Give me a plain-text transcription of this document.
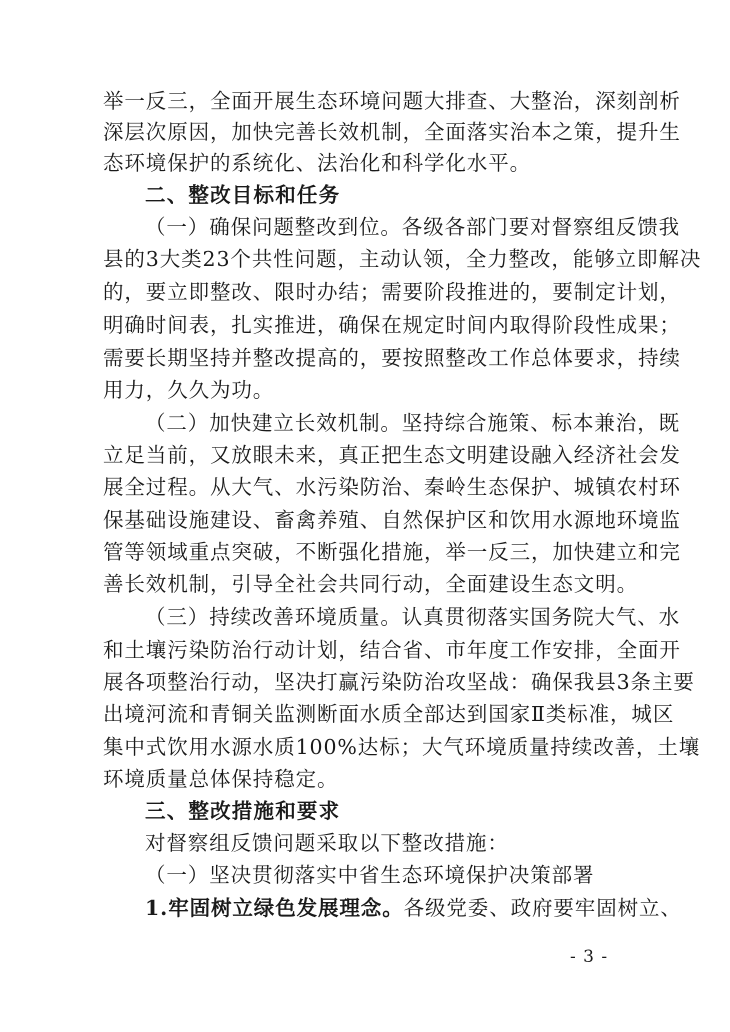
举一反三，全面开展生态环境问题大排查、大整治，深刻剖析
深层次原因，加快完善长效机制，全面落实治本之策，提升生
态环境保护的系统化、法治化和科学化水平。
二、整改目标和任务
（一）确保问题整改到位。各级各部门要对督察组反馈我
县的3大类23个共性问题，主动认领，全力整改，能够立即解决
的，要立即整改、限时办结；需要阶段推进的，要制定计划，
明确时间表，扎实推进，确保在规定时间内取得阶段性成果；
需要长期坚持并整改提高的，要按照整改工作总体要求，持续
用力，久久为功。
（二）加快建立长效机制。坚持综合施策、标本兼治，既
立足当前，又放眼未来，真正把生态文明建设融入经济社会发
展全过程。从大气、水污染防治、秦岭生态保护、城镇农村环
保基础设施建设、畜禽养殖、自然保护区和饮用水源地环境监
管等领域重点突破，不断强化措施，举一反三，加快建立和完
善长效机制，引导全社会共同行动，全面建设生态文明。
（三）持续改善环境质量。认真贯彻落实国务院大气、水
和土壤污染防治行动计划，结合省、市年度工作安排，全面开
展各项整治行动，坚决打赢污染防治攻坚战：确保我县3条主要
出境河流和青铜关监测断面水质全部达到国家Ⅱ类标准，城区
集中式饮用水源水质100%达标；大气环境质量持续改善，土壤
环境质量总体保持稳定。
三、整改措施和要求
对督察组反馈问题采取以下整改措施：
（一）坚决贯彻落实中省生态环境保护决策部署
1.牢固树立绿色发展理念。各级党委、政府要牢固树立、
- 3 -
